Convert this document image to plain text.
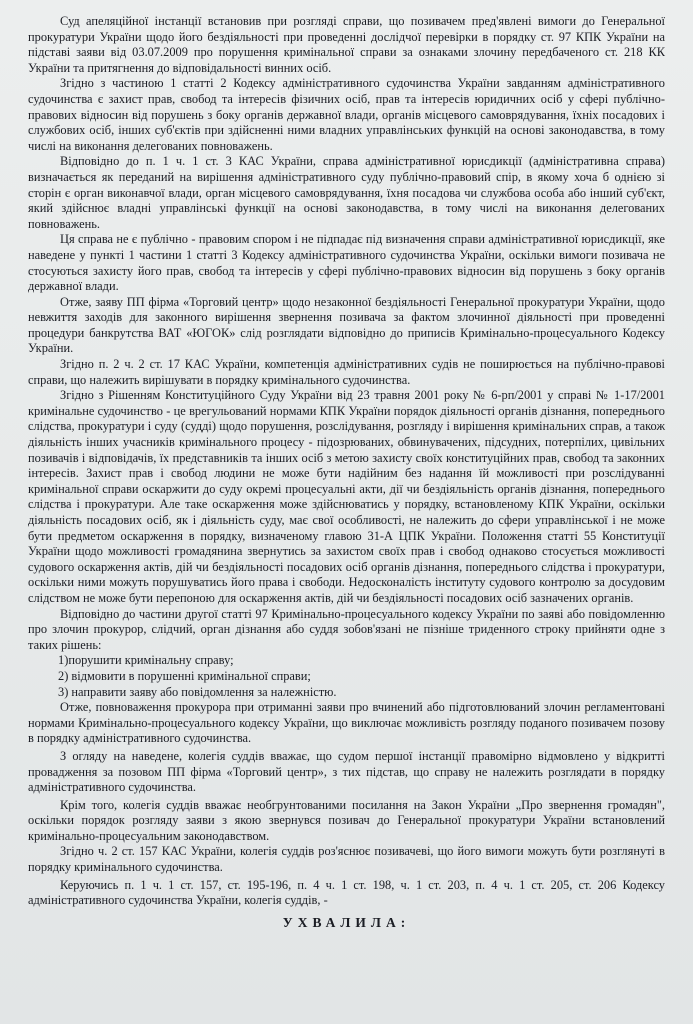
Суд апеляційної інстанції встановив при розгляді справи, що позивачем пред'явлені вимоги до Генеральної прокуратури України щодо його бездіяльності при проведенні дослідчої перевірки в порядку ст. 97 КПК України на підставі заяви від 03.07.2009 про порушення кримінальної справи за ознаками злочину передбаченого ст. 218 КК України та притягнення до відповідальності винних осіб.

Згідно з частиною 1 статті 2 Кодексу адміністративного судочинства України завданням адміністративного судочинства є захист прав, свобод та інтересів фізичних осіб, прав та інтересів юридичних осіб у сфері публічно-правових відносин від порушень з боку органів державної влади, органів місцевого самоврядування, їхніх посадових і службових осіб, інших суб'єктів при здійсненні ними владних управлінських функцій на основі законодавства, в тому числі на виконання делегованих повноважень.

Відповідно до п. 1 ч. 1 ст. 3 КАС України, справа адміністративної юрисдикції (адміністративна справа) визначається як переданий на вирішення адміністративного суду публічно-правовий спір, в якому хоча б однією зі сторін є орган виконавчої влади, орган місцевого самоврядування, їхня посадова чи службова особа або інший суб'єкт, який здійснює владні управлінські функції на основі законодавства, в тому числі на виконання делегованих повноважень.

Ця справа не є публічно - правовим спором і не підпадає під визначення справи адміністративної юрисдикції, яке наведене у пункті 1 частини 1 статті 3 Кодексу адміністративного судочинства України, оскільки вимоги позивача не стосуються захисту його прав, свобод та інтересів у сфері публічно-правових відносин від порушень з боку органів державної влади.

Отже, заяву ПП фірма «Торговий центр» щодо незаконної бездіяльності Генеральної прокуратури України, щодо невжиття заходів для законного вирішення звернення позивача за фактом злочинної діяльності при проведенні процедури банкрутства ВАТ «ЮГОК» слід розглядати відповідно до приписів Кримінально-процесуального Кодексу України.

Згідно п. 2 ч. 2 ст. 17 КАС України, компетенція адміністративних судів не поширюється на публічно-правові справи, що належить вирішувати в порядку кримінального судочинства.

Згідно з Рішенням Конституційного Суду України від 23 травня 2001 року № 6-рп/2001 у справі № 1-17/2001 кримінальне судочинство - це врегульований нормами КПК України порядок діяльності органів дізнання, попереднього слідства, прокуратури і суду (судді) щодо порушення, розслідування, розгляду і вирішення кримінальних справ, а також діяльність інших учасників кримінального процесу - підозрюваних, обвинувачених, підсудних, потерпілих, цивільних позивачів і відповідачів, їх представників та інших осіб з метою захисту своїх конституційних прав, свобод та законних інтересів. Захист прав і свобод людини не може бути надійним без надання їй можливості при розслідуванні кримінальної справи оскаржити до суду окремі процесуальні акти, дії чи бездіяльність органів дізнання, попереднього слідства і прокуратури. Але таке оскарження може здійснюватись у порядку, встановленому КПК України, оскільки діяльність посадових осіб, як і діяльність суду, має свої особливості, не належить до сфери управлінської і не може бути предметом оскарження в порядку, визначеному главою 31-А ЦПК України. Положення статті 55 Конституції України щодо можливості громадянина звернутись за захистом своїх прав і свобод однаково стосується можливості судового оскарження актів, дій чи бездіяльності посадових осіб органів дізнання, попереднього слідства і прокуратури, оскільки ними можуть порушуватись його права і свободи. Недосконалість інституту судового контролю за досудовим слідством не може бути перепоною для оскарження актів, дій чи бездіяльності посадових осіб зазначених органів.

Відповідно до частини другої статті 97 Кримінально-процесуального кодексу України по заяві або повідомленню про злочин прокурор, слідчий, орган дізнання або суддя зобов'язані не пізніше триденного строку прийняти одне з таких рішень:

1)порушити кримінальну справу;

2) відмовити в порушенні кримінальної справи;

3) направити заяву або повідомлення за належністю.

Отже, повноваження прокурора при отриманні заяви про вчинений або підготовлюваний злочин регламентовані нормами Кримінально-процесуального кодексу України, що виключає можливість розгляду поданого позивачем позову в порядку адміністративного судочинства.

З огляду на наведене, колегія суддів вважає, що судом першої інстанції правомірно відмовлено у відкритті провадження за позовом ПП фірма «Торговий центр», з тих підстав, що справу не належить розглядати в порядку адміністративного судочинства.

Крім того, колегія суддів вважає необгрунтованими посилання на Закон України „Про звернення громадян", оскільки порядок розгляду заяви з якою звернувся позивач до Генеральної прокуратури України встановлений кримінально-процесуальним законодавством.

Згідно ч. 2 ст. 157 КАС України, колегія суддів роз'яснює позивачеві, що його вимоги можуть бути розглянуті в порядку кримінального судочинства.

Керуючись п. 1 ч. 1 ст. 157, ст. 195-196, п. 4 ч. 1 ст. 198, ч. 1 ст. 203, п. 4 ч. 1 ст. 205, ст. 206 Кодексу адміністративного судочинства України, колегія суддів, -

УХВАЛИЛА:
